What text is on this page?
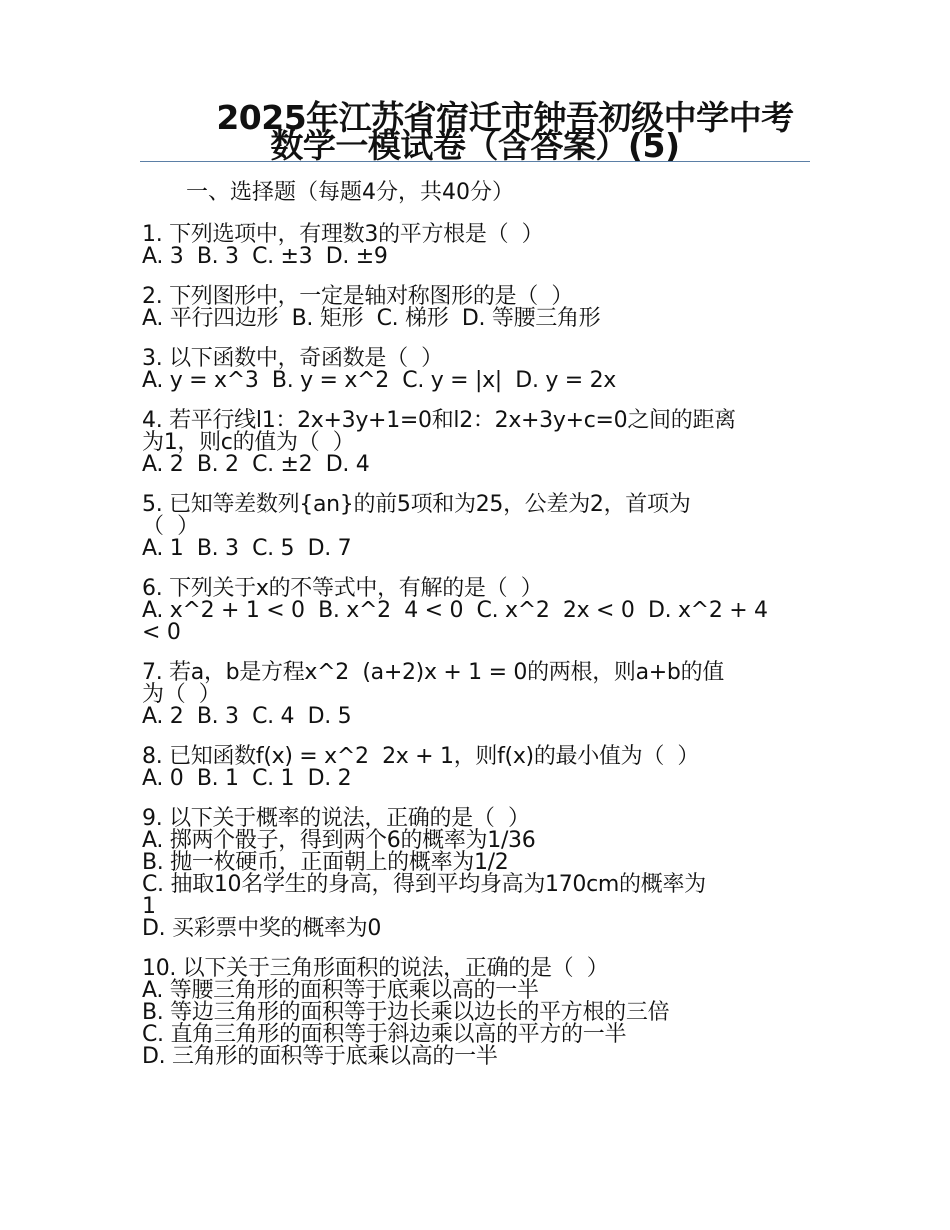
2025年江苏省宿迁市钟吾初级中学中考
数学一模试卷（含答案）(5)
一、选择题（每题4分，共40分）
1. 下列选项中，有理数3的平方根是（  ）
A. 3  B. 3  C. ±3  D. ±9
2. 下列图形中，一定是轴对称图形的是（  ）
A. 平行四边形  B. 矩形  C. 梯形  D. 等腰三角形
3. 以下函数中，奇函数是（  ）
A. y = x^3  B. y = x^2  C. y = |x|  D. y = 2x
4. 若平行线l1：2x+3y+1=0和l2：2x+3y+c=0之间的距离
为1，则c的值为（  ）
A. 2  B. 2  C. ±2  D. 4
5. 已知等差数列{an}的前5项和为25，公差为2，首项为
（  ）
A. 1  B. 3  C. 5  D. 7
6. 下列关于x的不等式中，有解的是（  ）
A. x^2 + 1 < 0  B. x^2  4 < 0  C. x^2  2x < 0  D. x^2 + 4
< 0
7. 若a，b是方程x^2  (a+2)x + 1 = 0的两根，则a+b的值
为（  ）
A. 2  B. 3  C. 4  D. 5
8. 已知函数f(x) = x^2  2x + 1，则f(x)的最小值为（  ）
A. 0  B. 1  C. 1  D. 2
9. 以下关于概率的说法，正确的是（  ）
A. 掷两个骰子，得到两个6的概率为1/36
B. 抛一枚硬币，正面朝上的概率为1/2
C. 抽取10名学生的身高，得到平均身高为170cm的概率为
1
D. 买彩票中奖的概率为0
10. 以下关于三角形面积的说法，正确的是（  ）
A. 等腰三角形的面积等于底乘以高的一半
B. 等边三角形的面积等于边长乘以边长的平方根的三倍
C. 直角三角形的面积等于斜边乘以高的平方的一半
D. 三角形的面积等于底乘以高的一半
